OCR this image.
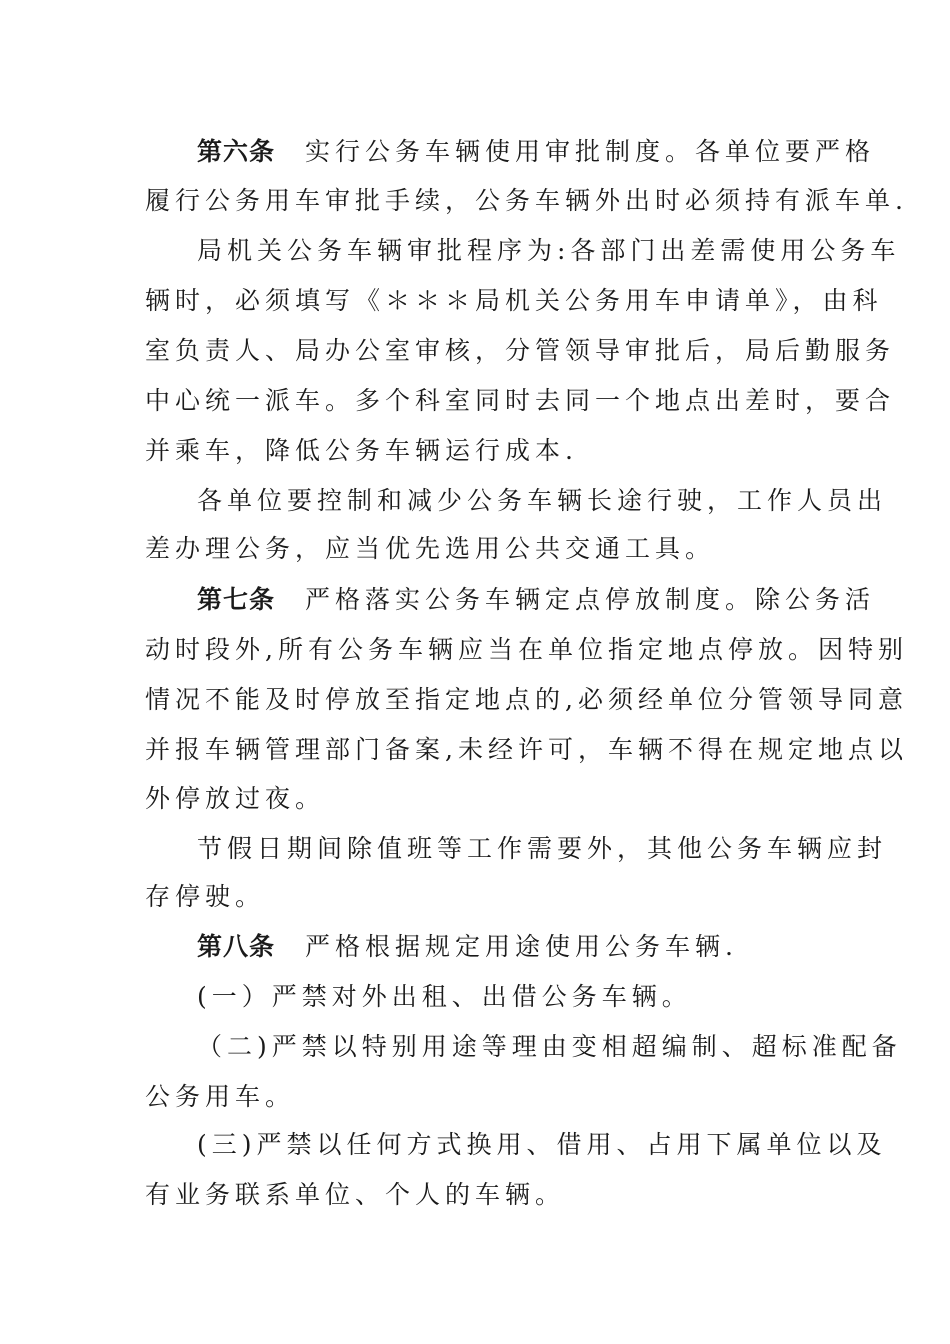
第六条 实行公务车辆使用审批制度。各单位要严格
履行公务用车审批手续，公务车辆外出时必须持有派车单.
局机关公务车辆审批程序为:各部门出差需使用公务车
辆时，必须填写《＊＊＊局机关公务用车申请单》，由科
室负责人、局办公室审核，分管领导审批后，局后勤服务
中心统一派车。多个科室同时去同一个地点出差时，要合
并乘车，降低公务车辆运行成本.
各单位要控制和减少公务车辆长途行驶，工作人员出
差办理公务，应当优先选用公共交通工具。
第七条 严格落实公务车辆定点停放制度。除公务活
动时段外,所有公务车辆应当在单位指定地点停放。因特别
情况不能及时停放至指定地点的,必须经单位分管领导同意
并报车辆管理部门备案,未经许可，车辆不得在规定地点以
外停放过夜。
节假日期间除值班等工作需要外，其他公务车辆应封
存停驶。
第八条 严格根据规定用途使用公务车辆.
(一）严禁对外出租、出借公务车辆。
（二)严禁以特别用途等理由变相超编制、超标准配备
公务用车。
(三)严禁以任何方式换用、借用、占用下属单位以及
有业务联系单位、个人的车辆。
